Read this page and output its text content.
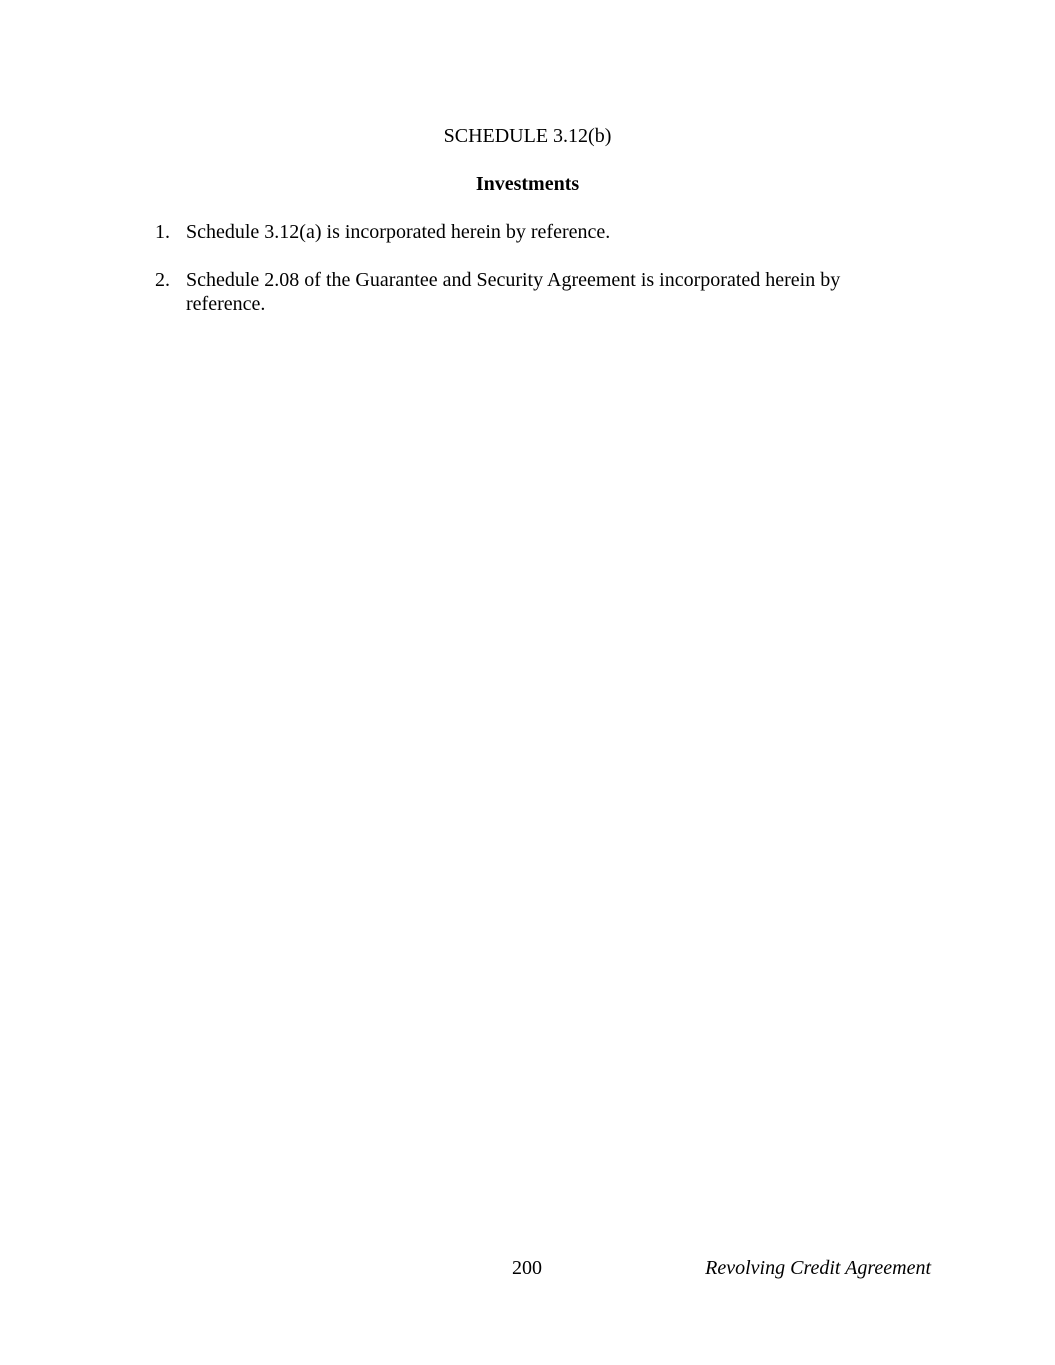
SCHEDULE 3.12(b)
Investments
1. Schedule 3.12(a) is incorporated herein by reference.
2. Schedule 2.08 of the Guarantee and Security Agreement is incorporated herein by reference.
200	Revolving Credit Agreement
